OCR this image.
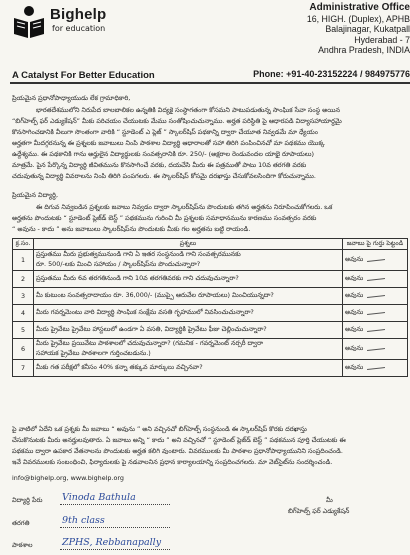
Bighelp
for education
Administrative Office
16, HIGH. (Duplex), APHB
Balajinagar, Kukatpall
Hyderabad - 7
Andhra Pradesh, INDIA
A Catalyst For Better Education	Phone: +91-40-23152224 / 984975776
ప్రియమైన ప్రధానోపాధ్యాయుడు లేక గ్రామాధికారి,
భారతదేశములోని నిరుపేద బాలబాలికల ఉన్నతికి విద్యకై సంస్థాగతంగా కోసమని పాటుపడుతున్న సాంఘిక సేవా సంస్థ అయిన
“బిగ్‌హెల్ప్ ఫర్ ఎడ్యుకేషన్” మీకు పరిచయం చేయుటకు మేము సంతోషించుచున్నాము. అర్హత పరిస్థితి పై ఆధారపడి విద్యాసహాయార్థమై
కొనసాగించడానికి వీలుగా సొంతంగా వారికి “ స్టూడెంట్ ఎ ప్లెజ్ ” స్కాలర్‌షిప్ పథకాన్ని ద్వారా చేయూత నివ్వడమే మా ధ్యేయం
అర్హతగా మీదగ్గరనున్న ఈ ప్రశ్నలకు జవాబులు నింపి పాఠశాల విద్యార్థి ఆధారాలతో సహా తిరిగి పంపించినచో మా పథకము యొక్క
ఉద్దేశ్యము. ఈ పథకానికి గాను అర్హులైన విద్యార్థులకు సంవత్సరానికి రూ. 250/- (అక్షరాల రెండువందల యాభై రూపాయలు)
మాత్రమే. పైన పేర్కొన్న విద్యార్థి జీవితమును కొనసాగించే వరకు, దయచేసి మీరు ఈ పత్రముతో పాటు 10వ తరగతి వరకు
చదువుతున్న విద్యార్థి వివరాలను నింపి తిరిగి పంపగలరు. ఈ స్కాలర్‌షిప్ కోసమై దరఖాస్తు చేసుకోవలసిందిగా కోరుచున్నాము.
ప్రియమైన విద్యార్థి,
ఈ దిగువ నివ్వబడిన ప్రశ్నలకు జవాబు నివ్వడం ద్వారా స్కాలర్‌షిప్‌ను పొందుటకు తగిన అర్హతను నిరూపించుకోగలరు. ఒక
అర్హతను పొందుటకు “ స్టూడెంట్ ప్లెజ్‌డ్ బెస్ట్ ” పథకమును గురించి మీ ప్రశ్నలకు సమాధానమును కారణము సంవత్సరం వరకు
“ అవును - కాదు ” అను జవాబులు స్కాలర్‌షిప్‌ను పొందుటకు మీకు గల అర్హతను బట్టి రాయండి.
క్ర.సం.	ప్రశ్నలు	జవాబు పై గుర్తు పెట్టండి
1	ప్రస్తుతము మీరు ప్రభుత్వమునుండి గాని ఏ ఇతర సంస్థనుండి గాని సంవత్సరమునకు
రూ. 500/-లకు మించి సహాయం / స్కాలర్‌షిప్‌ను పొందుచున్నారా?	అవును
2	ప్రస్తుతము మీరు 6వ తరగతినుండి గాని 10వ తరగతివరకు గాని చదువుచున్నారా?	అవును
3	మీ కుటుంబ సంవత్సరాదాయం రూ. 36,000/- (ముప్పై ఆరువేల రూపాయలు) మించియున్నదా?	అవును
4	మీరు గవర్నమెంటు వారి విద్యార్థి సాంఘిక సంక్షేమ వసతి గృహములో నివసించుచున్నారా?	అవును
5	మీరు ప్రైవేటు ప్రైవేటు హాస్టలులో ఉండగా ఏ వసతి, విద్యార్థికి ప్రైవేటు ఫీజు చెల్లించుచున్నారా?	అవును
6	మీరు ప్రైవేటు ప్రయివేటు పాఠశాలలో చదువుచున్నారా? (గమనిక - గవర్నమెంట్ నర్సరీ ద్వారా
సహాయక ప్రైవేటు పాఠశాలగా గుర్తించబడును.)	అవును
7	మీకు గత పరీక్షలో కనీసం 40% కన్నా తక్కువ మార్కులు వచ్చినవా?	అవును
పై వాటిలో ఏదేని ఒక ప్రశ్నకు మీ జవాబు “ అవును ” అని వచ్చినచో బిగ్‌హెల్ప్ సంస్థనుండి ఈ స్కాలర్‌షిప్ కొరకు దరఖాస్తు
చేసుకొనుటకు మీరు అనర్హులవుతారు. ఏ జవాబు అన్ని “ కాదు ” అని వచ్చినచో “ స్టూడెంట్ ప్లెజ్‌డ్ బెస్ట్ ” పథకమున పూర్తి చేయుటకు ఈ
పథకము ద్వారా ఉపకార వేతనాలను పొందుటకు అర్హత కలిగి వుంటారు. వివరములకు మీ పాఠశాల ప్రధానోపాధ్యాయునిని సంప్రదించండి.
ఇవే వివరములకు సంబంధించి, ఫిర్యాదులకు పై నడవాలనిన ప్రధాన కార్యాలయాన్ని సంప్రదించగలరు. మా వెబ్‌సైట్‌ను సందర్శించండి.
info@bighelp.org, www.bighelp.org
విద్యార్థి పేరు Vinoda Bathula
తరగతి	9th class
పాఠశాల	ZPHS, Rebbanapally
మీ
బిగ్‌హెల్ప్ ఫర్ ఎడ్యుకేషన్
